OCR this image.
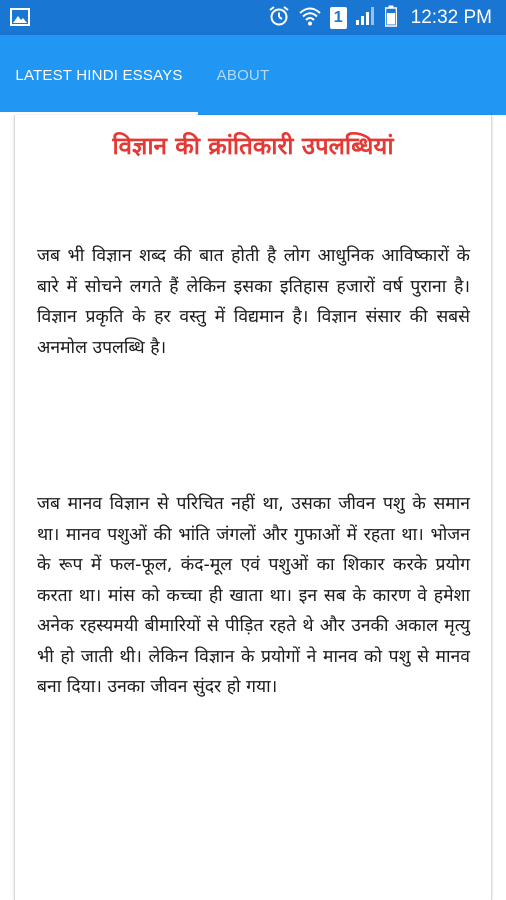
1	12:32 PM
LATEST HINDI ESSAYS	ABOUT
विज्ञान की क्रांतिकारी उपलब्धियां

जब भी विज्ञान शब्द की बात होती है लोग आधुनिक आविष्कारों के बारे में सोचने लगते हैं लेकिन इसका इतिहास हजारों वर्ष पुराना है। विज्ञान प्रकृति के हर वस्तु में विद्यमान है। विज्ञान संसार की सबसे अनमोल उपलब्धि है।

जब मानव विज्ञान से परिचित नहीं था, उसका जीवन पशु के समान था। मानव पशुओं की भांति जंगलों और गुफाओं में रहता था। भोजन के रूप में फल-फूल, कंद-मूल एवं पशुओं का शिकार करके प्रयोग करता था। मांस को कच्चा ही खाता था। इन सब के कारण वे हमेशा अनेक रहस्यमयी बीमारियों से पीड़ित रहते थे और उनकी अकाल मृत्यु भी हो जाती थी। लेकिन विज्ञान के प्रयोगों ने मानव को पशु से मानव बना दिया। उनका जीवन सुंदर हो गया।
